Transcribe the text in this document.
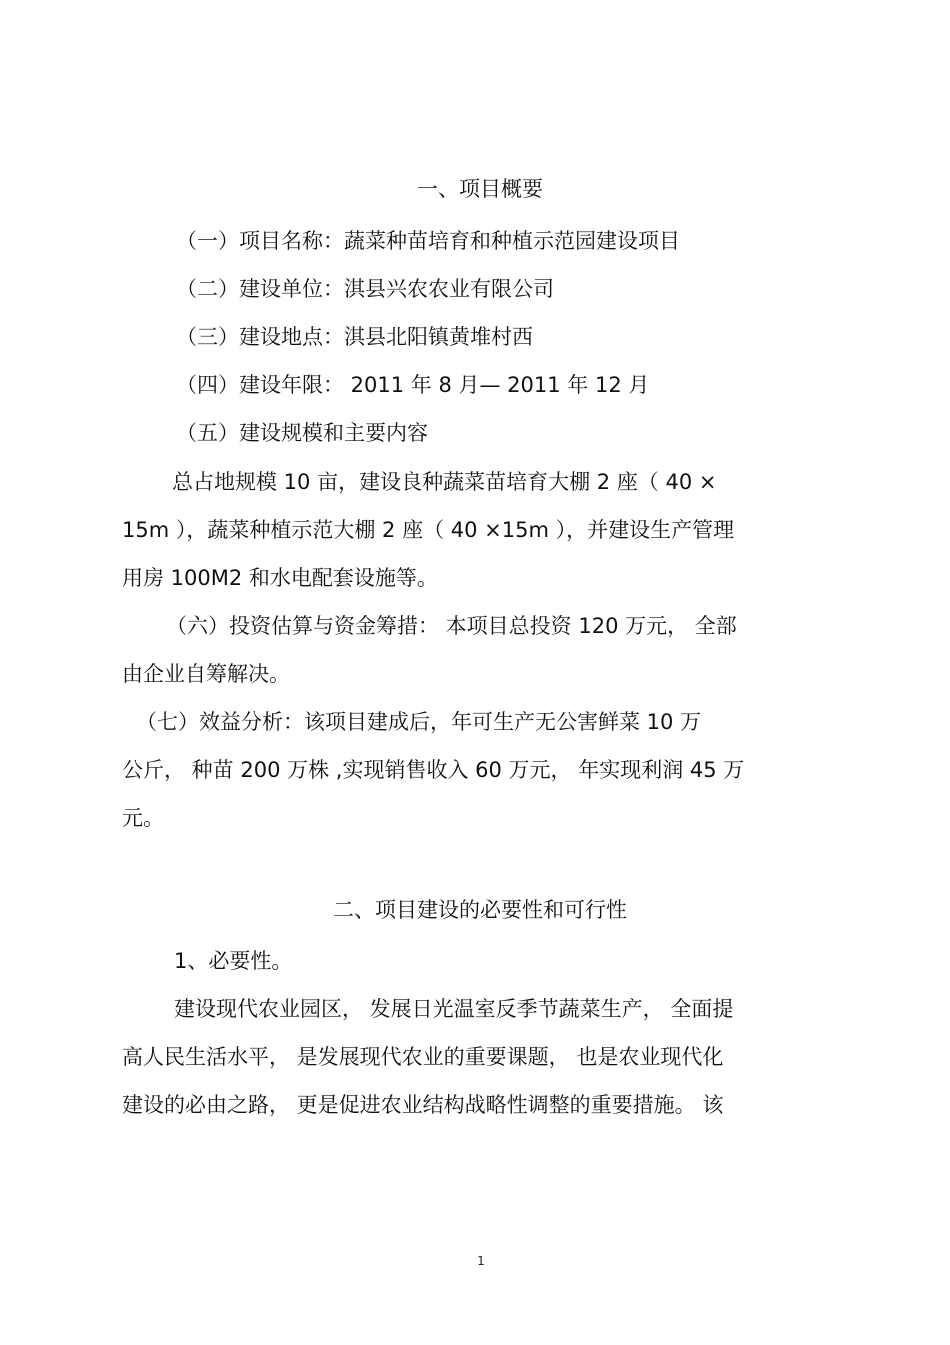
一、项目概要
（一）项目名称：蔬菜种苗培育和种植示范园建设项目
（二）建设单位：淇县兴农农业有限公司
（三）建设地点：淇县北阳镇黄堆村西
（四）建设年限： 2011 年 8 月— 2011 年 12 月
（五）建设规模和主要内容
总占地规模 10 亩，建设良种蔬菜苗培育大棚 2 座（ 40 ×
15m ），蔬菜种植示范大棚 2 座（ 40 ×15m ），并建设生产管理
用房 100M2 和水电配套设施等。
（六）投资估算与资金筹措： 本项目总投资 120 万元， 全部
由企业自筹解决。
（七）效益分析：该项目建成后，年可生产无公害鲜菜 10 万
公斤， 种苗 200 万株 ,实现销售收入 60 万元， 年实现利润 45 万
元。
二、项目建设的必要性和可行性
1、必要性。
建设现代农业园区， 发展日光温室反季节蔬菜生产， 全面提
高人民生活水平， 是发展现代农业的重要课题， 也是农业现代化
建设的必由之路， 更是促进农业结构战略性调整的重要措施。 该
1
